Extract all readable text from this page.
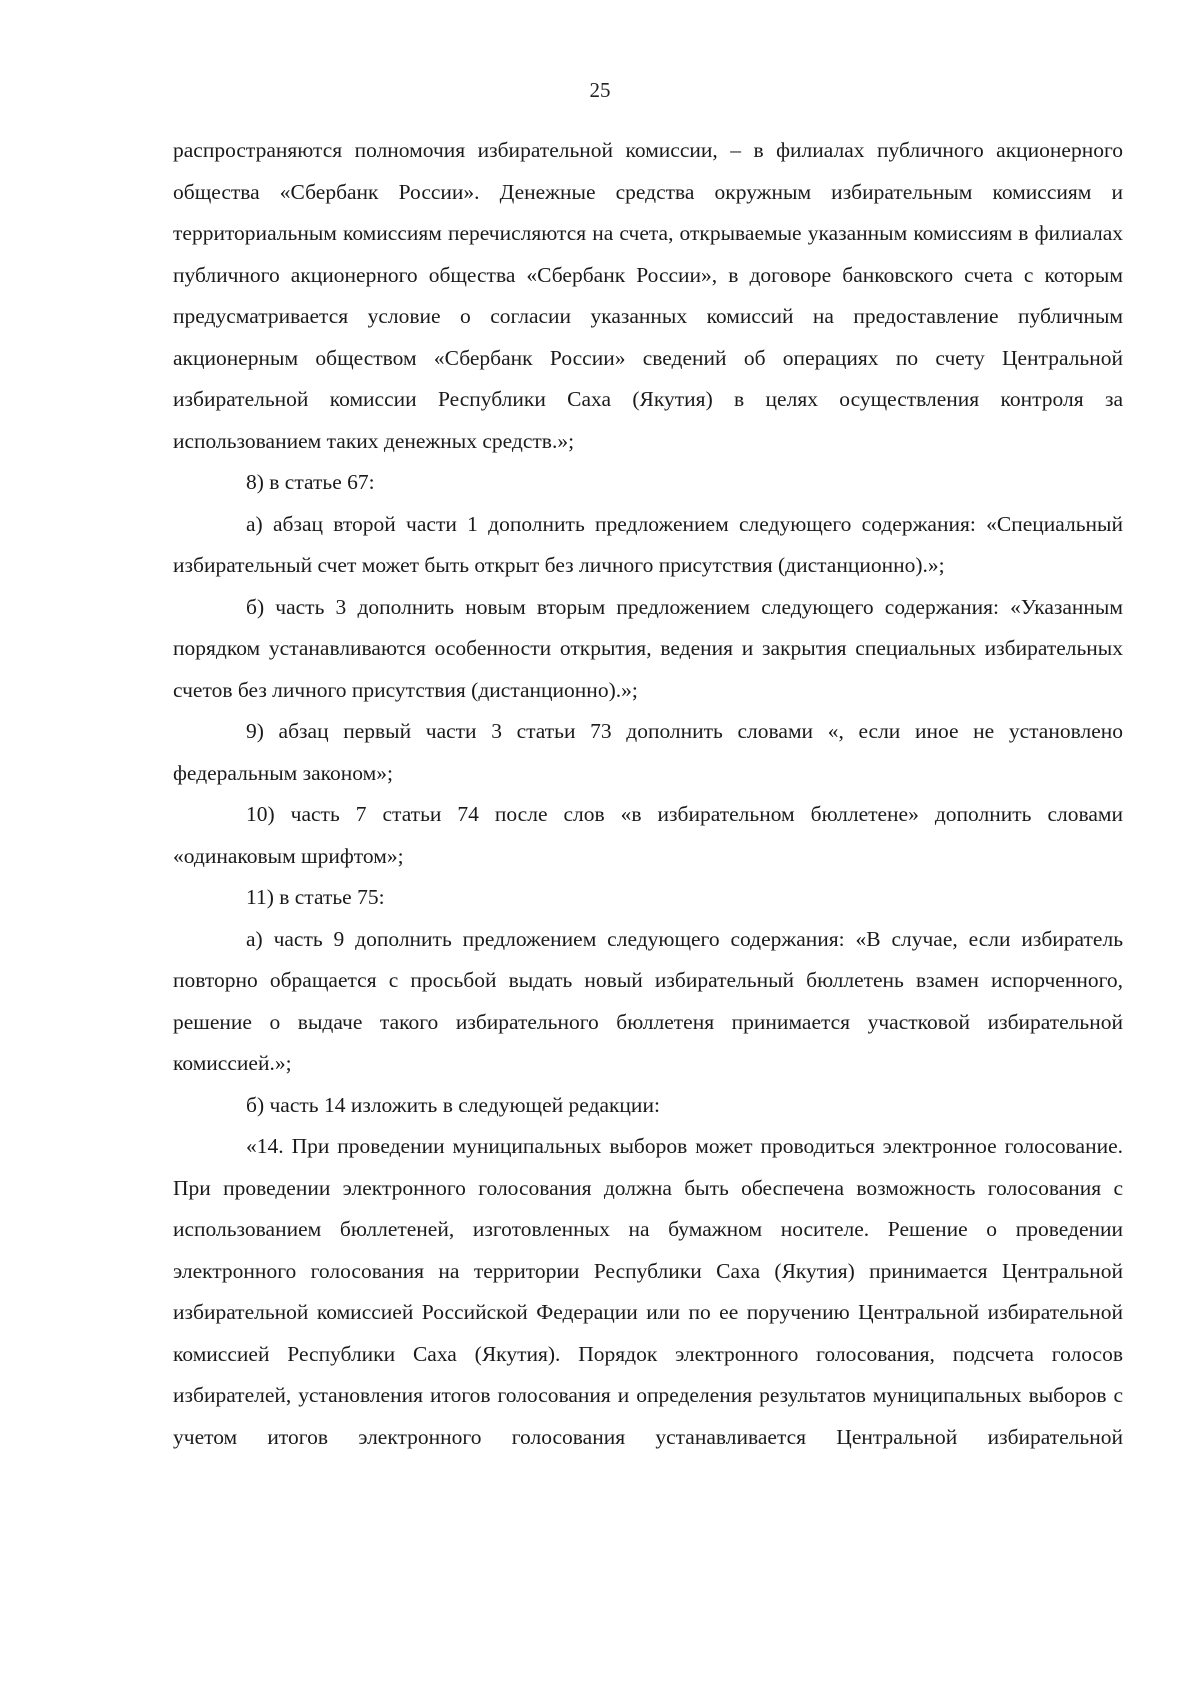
25

распространяются полномочия избирательной комиссии, – в филиалах публичного акционерного общества «Сбербанк России». Денежные средства окружным избирательным комиссиям и территориальным комиссиям перечисляются на счета, открываемые указанным комиссиям в филиалах публичного акционерного общества «Сбербанк России», в договоре банковского счета с которым предусматривается условие о согласии указанных комиссий на предоставление публичным акционерным обществом «Сбербанк России» сведений об операциях по счету Центральной избирательной комиссии Республики Саха (Якутия) в целях осуществления контроля за использованием таких денежных средств.»;

8) в статье 67:

а) абзац второй части 1 дополнить предложением следующего содержания: «Специальный избирательный счет может быть открыт без личного присутствия (дистанционно).»;

б) часть 3 дополнить новым вторым предложением следующего содержания: «Указанным порядком устанавливаются особенности открытия, ведения и закрытия специальных избирательных счетов без личного присутствия (дистанционно).»;

9) абзац первый части 3 статьи 73 дополнить словами «, если иное не установлено федеральным законом»;

10) часть 7 статьи 74 после слов «в избирательном бюллетене» дополнить словами «одинаковым шрифтом»;

11) в статье 75:

а) часть 9 дополнить предложением следующего содержания: «В случае, если избиратель повторно обращается с просьбой выдать новый избирательный бюллетень взамен испорченного, решение о выдаче такого избирательного бюллетеня принимается участковой избирательной комиссией.»;

б) часть 14 изложить в следующей редакции:

«14. При проведении муниципальных выборов может проводиться электронное голосование. При проведении электронного голосования должна быть обеспечена возможность голосования с использованием бюллетеней, изготовленных на бумажном носителе. Решение о проведении электронного голосования на территории Республики Саха (Якутия) принимается Центральной избирательной комиссией Российской Федерации или по ее поручению Центральной избирательной комиссией Республики Саха (Якутия). Порядок электронного голосования, подсчета голосов избирателей, установления итогов голосования и определения результатов муниципальных выборов с учетом итогов электронного голосования устанавливается Центральной избирательной
